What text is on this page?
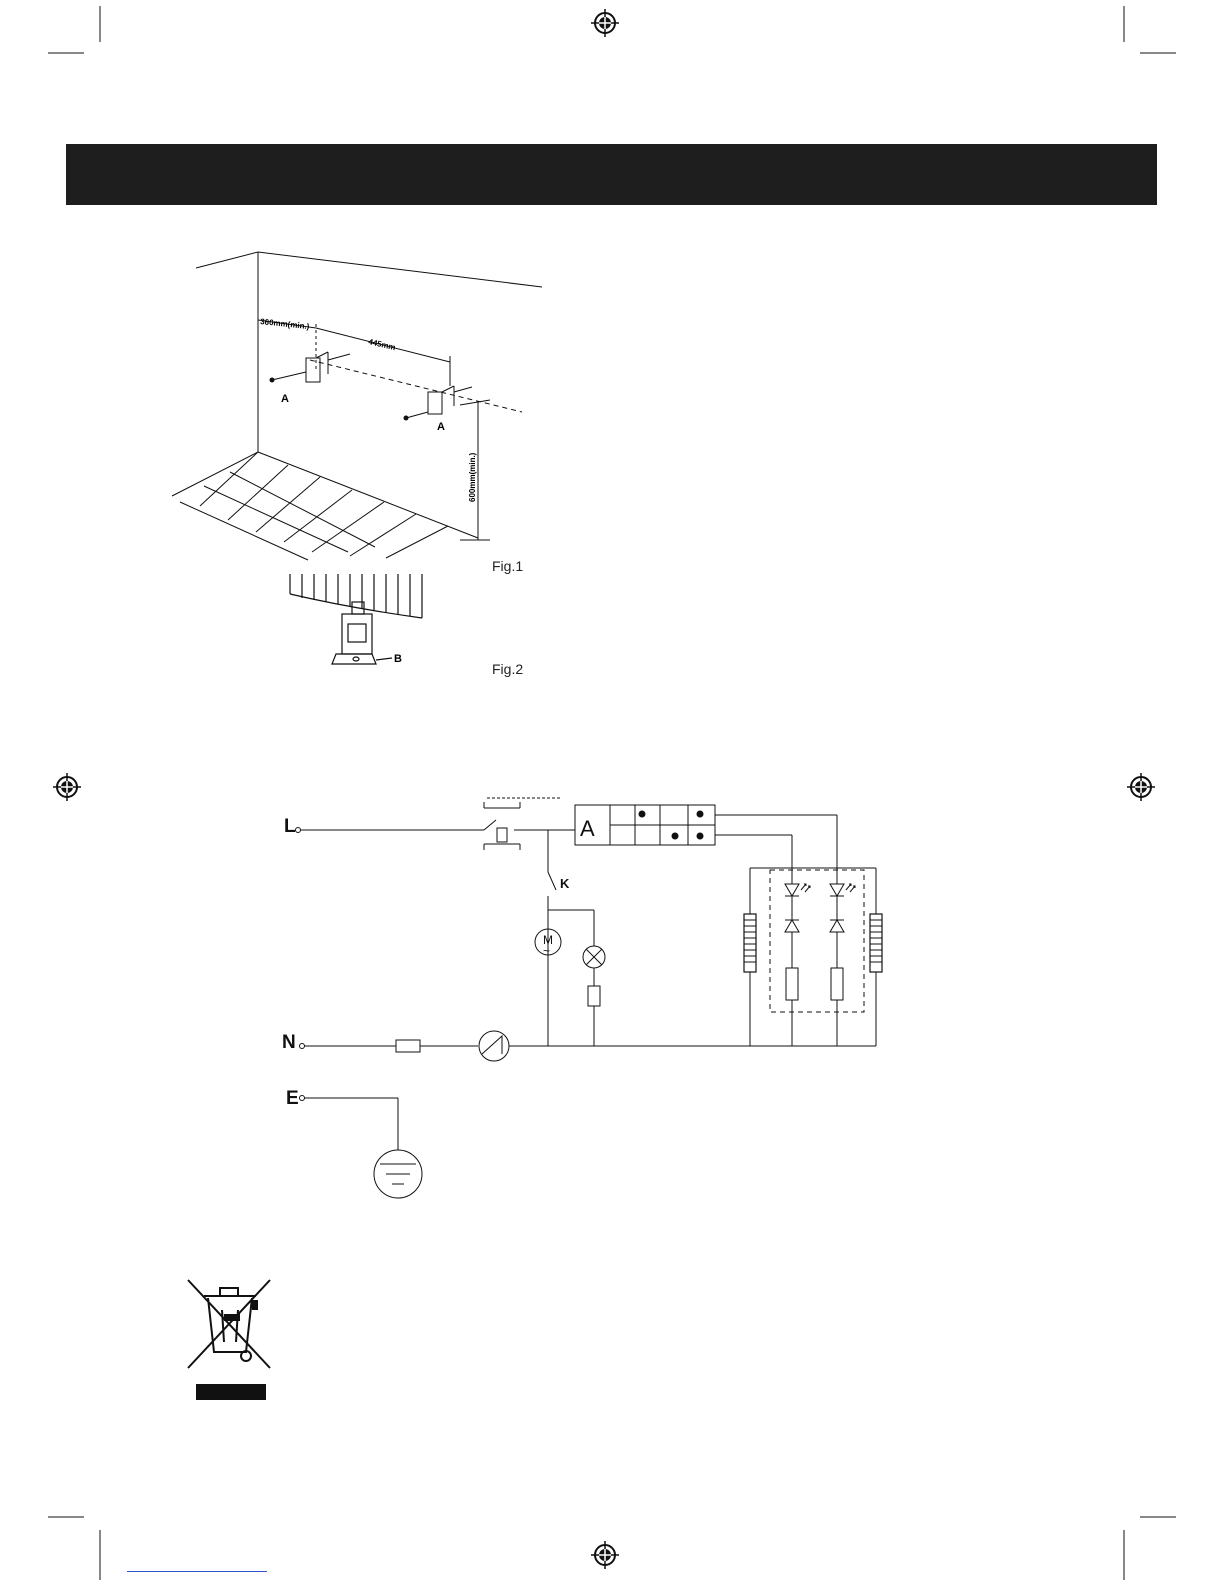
360mm(min.)
445mm
600mm(min.)
A
A
Fig.1
B
Fig.2
L
N
E
A
K
M
~
